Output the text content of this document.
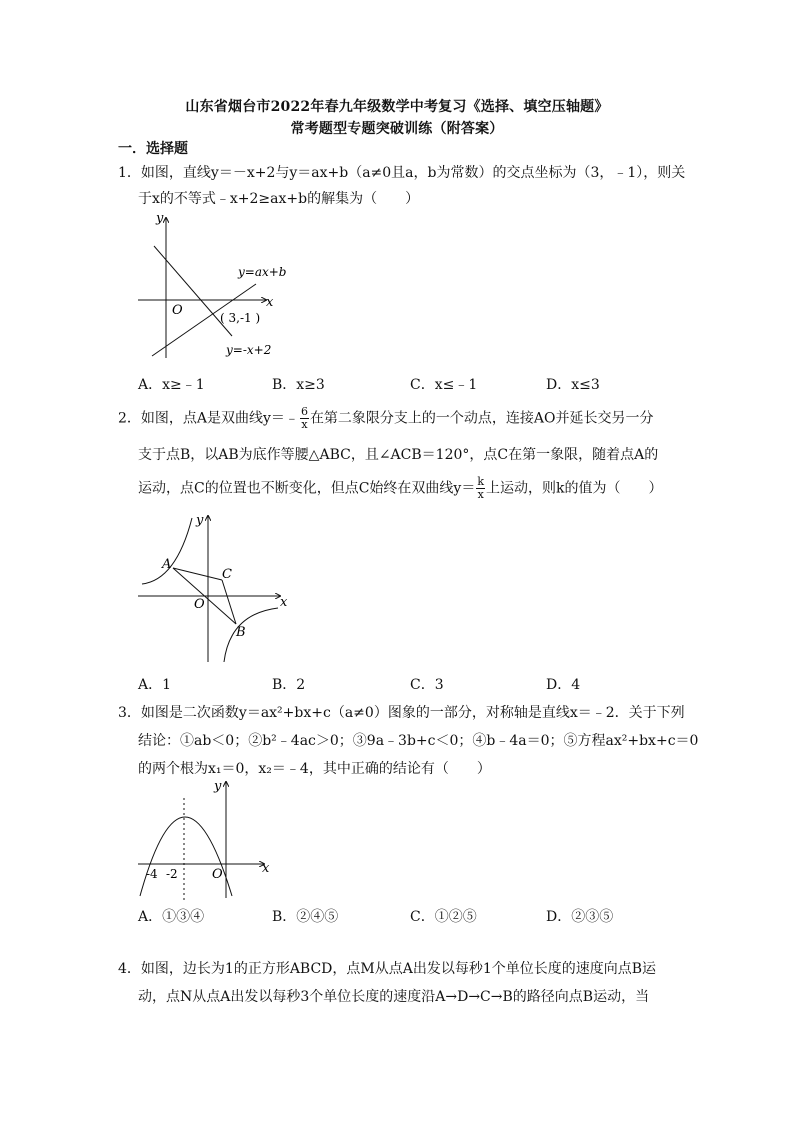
山东省烟台市2022年春九年级数学中考复习《选择、填空压轴题》
常考题型专题突破训练（附答案）
一．选择题
1．如图，直线y＝－x+2与y＝ax+b（a≠0且a，b为常数）的交点坐标为（3，﹣1），则关
于x的不等式﹣x+2≥ax+b的解集为（　　）
y
x
O
y=ax+b
y=-x+2
( 3,-1 )
A．x≥﹣1	B．x≥3	C．x≤﹣1	D．x≤3
2．如图，点A是双曲线y＝﹣ $\frac{6}{x}$ 在第二象限分支上的一个动点，连接AO并延长交另一分
支于点B，以AB为底作等腰△ABC，且∠ACB＝120°，点C在第一象限，随着点A的
运动，点C的位置也不断变化，但点C始终在双曲线$y= \frac{k}{x}$ 上运动，则k的值为（　　）
y
x
O
A
B
C
A．1	B．2	C．3	D．4
3．如图是二次函数y＝ax²+bx+c（a≠0）图象的一部分，对称轴是直线x＝﹣2．关于下列
结论：①ab＜0；②b²﹣4ac＞0；③9a﹣3b+c＜0；④b﹣4a＝0；⑤方程ax²+bx+c＝0
的两个根为x₁＝0，x₂＝﹣4，其中正确的结论有（　　）
y
x
O
-4 -2
A．①③④	B．②④⑤	C．①②⑤	D．②③⑤
4．如图，边长为1的正方形ABCD，点M从点A出发以每秒1个单位长度的速度向点B运
动，点N从点A出发以每秒3个单位长度的速度沿A→D→C→B的路径向点B运动，当
